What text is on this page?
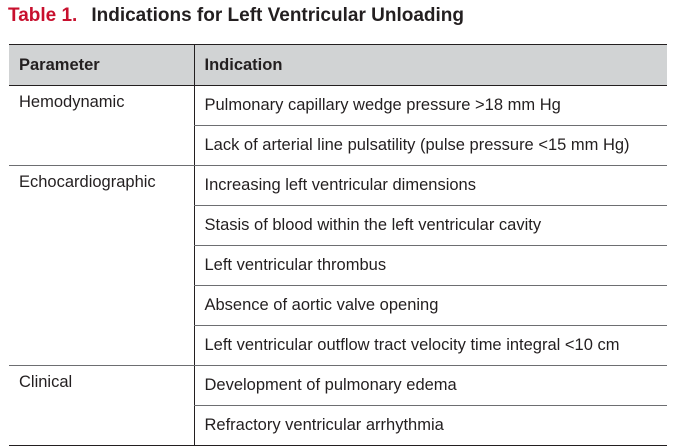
Table 1. Indications for Left Ventricular Unloading
Parameter	Indication
Hemodynamic	Pulmonary capillary wedge pressure >18 mm Hg
	Lack of arterial line pulsatility (pulse pressure <15 mm Hg)
Echocardiographic	Increasing left ventricular dimensions
	Stasis of blood within the left ventricular cavity
	Left ventricular thrombus
	Absence of aortic valve opening
	Left ventricular outflow tract velocity time integral <10 cm
Clinical	Development of pulmonary edema
	Refractory ventricular arrhythmia
